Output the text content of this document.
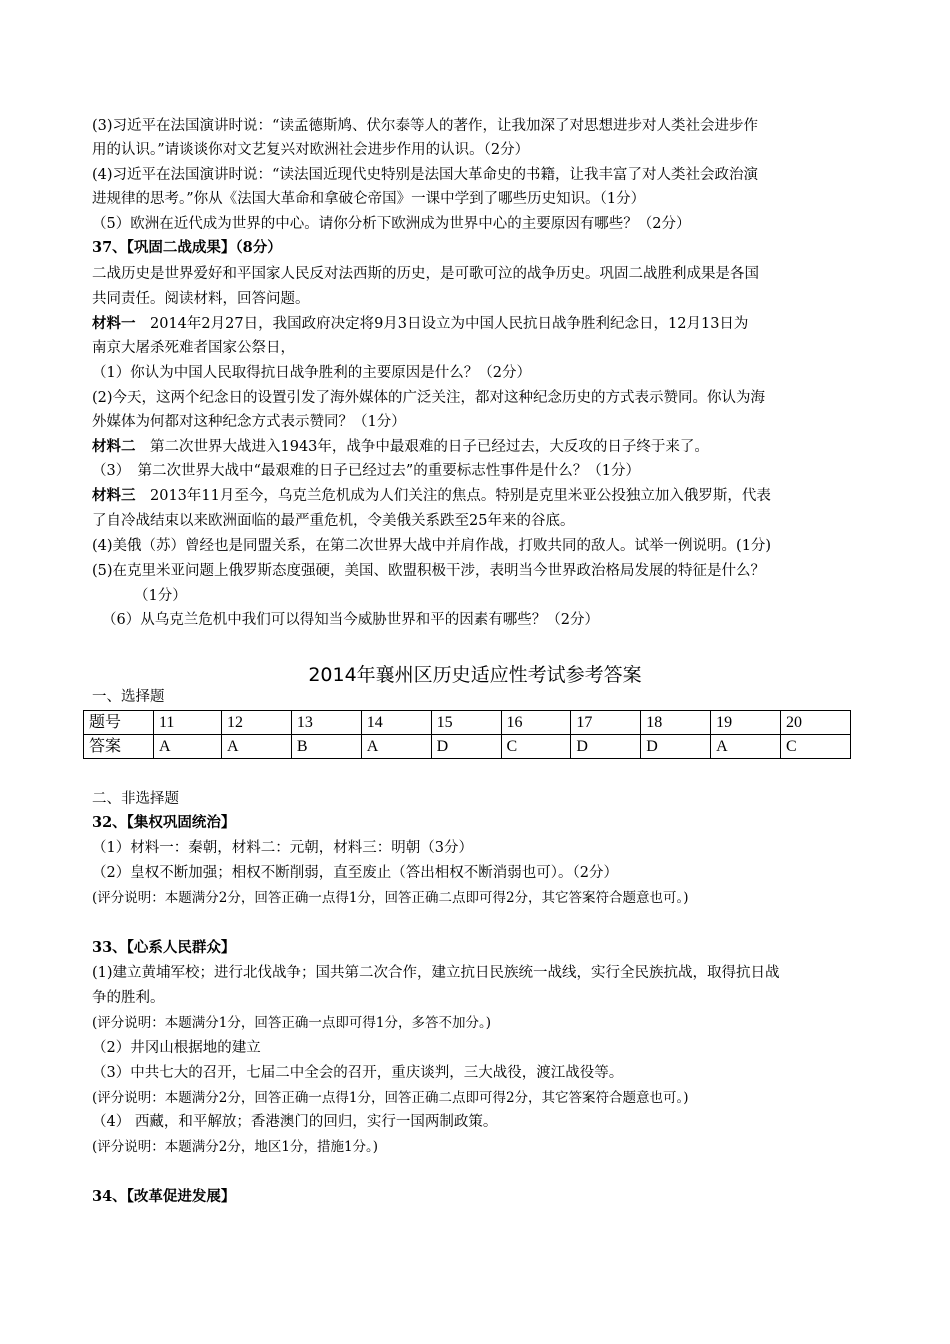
(3)习近平在法国演讲时说：“读孟德斯鸠、伏尔泰等人的著作，让我加深了对思想进步对人类社会进步作
用的认识。”请谈谈你对文艺复兴对欧洲社会进步作用的认识。（2分）
(4)习近平在法国演讲时说：“读法国近现代史特别是法国大革命史的书籍，让我丰富了对人类社会政治演
进规律的思考。”你从《法国大革命和拿破仑帝国》一课中学到了哪些历史知识。（1分）
（5）欧洲在近代成为世界的中心。请你分析下欧洲成为世界中心的主要原因有哪些？（2分）
37、【巩固二战成果】（8分）
二战历史是世界爱好和平国家人民反对法西斯的历史，是可歌可泣的战争历史。巩固二战胜利成果是各国
共同责任。阅读材料，回答问题。
材料一　2014年2月27日，我国政府决定将9月3日设立为中国人民抗日战争胜利纪念日，12月13日为
南京大屠杀死难者国家公祭日，
（1）你认为中国人民取得抗日战争胜利的主要原因是什么？（2分）
(2)今天，这两个纪念日的设置引发了海外媒体的广泛关注，都对这种纪念历史的方式表示赞同。你认为海
外媒体为何都对这种纪念方式表示赞同？（1分）
材料二　第二次世界大战进入1943年，战争中最艰难的日子已经过去，大反攻的日子终于来了。
（3）　第二次世界大战中“最艰难的日子已经过去”的重要标志性事件是什么？（1分）
材料三　2013年11月至今，乌克兰危机成为人们关注的焦点。特别是克里米亚公投独立加入俄罗斯，代表
了自冷战结束以来欧洲面临的最严重危机，令美俄关系跌至25年来的谷底。
(4)美俄（苏）曾经也是同盟关系，在第二次世界大战中并肩作战，打败共同的敌人。试举一例说明。(1分)
(5)在克里米亚问题上俄罗斯态度强硬，美国、欧盟积极干涉，表明当今世界政治格局发展的特征是什么？
（1分）
（6）从乌克兰危机中我们可以得知当今威胁世界和平的因素有哪些？（2分）
2014年襄州区历史适应性考试参考答案
一、选择题
题号	11	12	13	14	15	16	17	18	19	20
答案	A	A	B	A	D	C	D	D	A	C
二、非选择题
32、【集权巩固统治】
（1）材料一：秦朝，材料二：元朝，材料三：明朝（3分）
（2）皇权不断加强；相权不断削弱，直至废止（答出相权不断消弱也可）。（2分）
(评分说明：本题满分2分，回答正确一点得1分，回答正确二点即可得2分，其它答案符合题意也可。)
33、【心系人民群众】
(1)建立黄埔军校；进行北伐战争；国共第二次合作，建立抗日民族统一战线，实行全民族抗战，取得抗日战
争的胜利。
(评分说明：本题满分1分，回答正确一点即可得1分，多答不加分。)
（2）井冈山根据地的建立
（3）中共七大的召开，七届二中全会的召开，重庆谈判，三大战役，渡江战役等。
(评分说明：本题满分2分，回答正确一点得1分，回答正确二点即可得2分，其它答案符合题意也可。)
（4） 西藏，和平解放；香港澳门的回归，实行一国两制政策。
(评分说明：本题满分2分，地区1分，措施1分。)
34、【改革促进发展】
